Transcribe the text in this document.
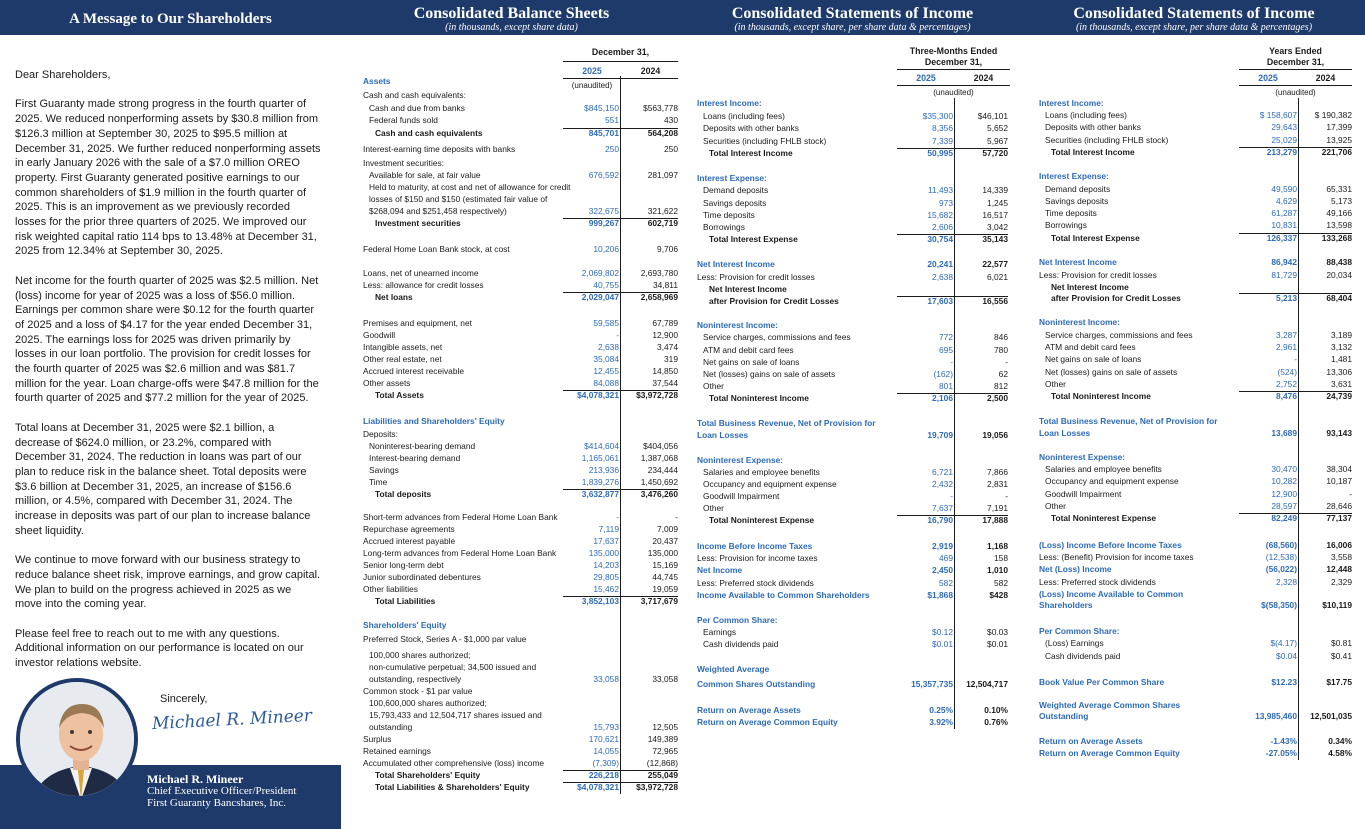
A Message to Our Shareholders	Consolidated Balance Sheets
(in thousands, except share data)
Consolidated Statements of Income
(in thousands, except share, per share data & percentages)
Consolidated Statements of Income
(in thousands, except share, per share data & percentages)

Dear Shareholders,

First Guaranty made strong progress in the fourth quarter of 2025. We reduced nonperforming assets by $30.8 million from $126.3 million at September 30, 2025 to $95.5 million at December 31, 2025. We further reduced nonperforming assets in early January 2026 with the sale of a $7.0 million OREO property. First Guaranty generated positive earnings to our common shareholders of $1.9 million in the fourth quarter of 2025. This is an improvement as we previously recorded losses for the prior three quarters of 2025. We improved our risk weighted capital ratio 114 bps to 13.48% at December 31, 2025 from 12.34% at September 30, 2025.

Net income for the fourth quarter of 2025 was $2.5 million. Net (loss) income for year of 2025 was a loss of $56.0 million. Earnings per common share were $0.12 for the fourth quarter of 2025 and a loss of $4.17 for the year ended December 31, 2025. The earnings loss for 2025 was driven primarily by losses in our loan portfolio. The provision for credit losses for the fourth quarter of 2025 was $2.6 million and was $81.7 million for the year. Loan charge-offs were $47.8 million for the fourth quarter of 2025 and $77.2 million for the year of 2025.

Total loans at December 31, 2025 were $2.1 billion, a decrease of $624.0 million, or 23.2%, compared with December 31, 2024. The reduction in loans was part of our plan to reduce risk in the balance sheet. Total deposits were $3.6 billion at December 31, 2025, an increase of $156.6 million, or 4.5%, compared with December 31, 2024. The increase in deposits was part of our plan to increase balance sheet liquidity.

We continue to move forward with our business strategy to reduce balance sheet risk, improve earnings, and grow capital. We plan to build on the progress achieved in 2025 as we move into the coming year.

Please feel free to reach out to me with any questions. Additional information on our performance is located on our investor relations website.

Sincerely,
Michael R. Mineer
Michael R. Mineer
Chief Executive Officer/President
First Guaranty Bancshares, Inc.
December 31,
2025	2024
(unaudited)
Assets
Cash and cash equivalents:
Cash and due from banks	$845,150	$563,778
Federal funds sold	551	430
Cash and cash equivalents	845,701	564,208
Interest-earning time deposits with banks	250	250
Investment securities:
Available for sale, at fair value	676,592	281,097
Held to maturity, at cost and net of allowance for credit
losses of $150 and $150 (estimated fair value of
$268,094 and $251,458 respectively)	322,675	321,622
Investment securities	999,267	602,719
Federal Home Loan Bank stock, at cost	10,206	9,706
Loans, net of unearned income	2,069,802	2,693,780
Less: allowance for credit losses	40,755	34,811
Net loans	2,029,047	2,658,969
Premises and equipment, net	59,585	67,789
Goodwill	-	12,900
Intangible assets, net	2,638	3,474
Other real estate, net	35,084	319
Accrued interest receivable	12,455	14,850
Other assets	84,088	37,544
Total Assets	$4,078,321	$3,972,728
Liabilities and Shareholders' Equity
Deposits:
Noninterest-bearing demand	$414,604	$404,056
Interest-bearing demand	1,165,061	1,387,068
Savings	213,936	234,444
Time	1,839,276	1,450,692
Total deposits	3,632,877	3,476,260
Short-term advances from Federal Home Loan Bank	-	-
Repurchase agreements	7,119	7,009
Accrued interest payable	17,637	20,437
Long-term advances from Federal Home Loan Bank	135,000	135,000
Senior long-term debt	14,203	15,169
Junior subordinated debentures	29,805	44,745
Other liabilities	15,462	19,059
Total Liabilities	3,852,103	3,717,679
Shareholders' Equity
Preferred Stock, Series A - $1,000 par value
100,000 shares authorized;
non-cumulative perpetual; 34,500 issued and
outstanding, respectively	33,058	33,058
Common stock - $1 par value
100,600,000 shares authorized;
15,793,433 and 12,504,717 shares issued and
outstanding	15,793	12,505
Surplus	170,621	149,389
Retained earnings	14,055	72,965
Accumulated other comprehensive (loss) income	(7,309)	(12,868)
Total Shareholders' Equity	226,218	255,049
Total Liabilities & Shareholders' Equity	$4,078,321	$3,972,728
Three-Months Ended
December 31,
2025	2024
(unaudited)
Interest Income:
Loans (including fees)	$35,300	$46,101
Deposits with other banks	8,356	5,652
Securities (including FHLB stock)	7,339	5,967
Total Interest Income	50,995	57,720
Interest Expense:
Demand deposits	11,493	14,339
Savings deposits	973	1,245
Time deposits	15,682	16,517
Borrowings	2,606	3,042
Total Interest Expense	30,754	35,143
Net Interest Income	20,241	22,577
Less: Provision for credit losses	2,638	6,021
Net Interest Income
after Provision for Credit Losses	17,603	16,556
Noninterest Income:
Service charges, commissions and fees	772	846
ATM and debit card fees	695	780
Net gains on sale of loans	-	-
Net (losses) gains on sale of assets	(162)	62
Other	801	812
Total Noninterest Income	2,106	2,500
Total Business Revenue, Net of Provision for
Loan Losses	19,709	19,056
Noninterest Expense:
Salaries and employee benefits	6,721	7,866
Occupancy and equipment expense	2,432	2,831
Goodwill Impairment	-	-
Other	7,637	7,191
Total Noninterest Expense	16,790	17,888
Income Before Income Taxes	2,919	1,168
Less: Provision for income taxes	469	158
Net Income	2,450	1,010
Less: Preferred stock dividends	582	582
Income Available to Common Shareholders	$1,868	$428
Per Common Share:
Earnings	$0.12	$0.03
Cash dividends paid	$0.01	$0.01
Weighted Average
Common Shares Outstanding	15,357,735	12,504,717
Return on Average Assets	0.25%	0.10%
Return on Average Common Equity	3.92%	0.76%
Years Ended
December 31,
2025	2024
(unaudited)
Interest Income:
Loans (including fees)	$ 158,607	$ 190,382
Deposits with other banks	29,643	17,399
Securities (including FHLB stock)	25,029	13,925
Total Interest Income	213,279	221,706
Interest Expense:
Demand deposits	49,590	65,331
Savings deposits	4,629	5,173
Time deposits	61,287	49,166
Borrowings	10,831	13,598
Total Interest Expense	126,337	133,268
Net Interest Income	86,942	88,438
Less: Provision for credit losses	81,729	20,034
Net Interest Income
after Provision for Credit Losses	5,213	68,404
Noninterest Income:
Service charges, commissions and fees	3,287	3,189
ATM and debit card fees	2,961	3,132
Net gains on sale of loans	-	1,481
Net (losses) gains on sale of assets	(524)	13,306
Other	2,752	3,631
Total Noninterest Income	8,476	24,739
Total Business Revenue, Net of Provision for
Loan Losses	13,689	93,143
Noninterest Expense:
Salaries and employee benefits	30,470	38,304
Occupancy and equipment expense	10,282	10,187
Goodwill Impairment	12,900	-
Other	28,597	28,646
Total Noninterest Expense	82,249	77,137
(Loss) Income Before Income Taxes	(68,560)	16,006
Less: (Benefit) Provision for income taxes	(12,538)	3,558
Net (Loss) Income	(56,022)	12,448
Less: Preferred stock dividends	2,328	2,329
(Loss) Income Available to Common
Shareholders	$(58,350)	$10,119
Per Common Share:
(Loss) Earnings	$(4.17)	$0.81
Cash dividends paid	$0.04	$0.41
Book Value Per Common Share	$12.23	$17.75
Weighted Average Common Shares
Outstanding	13,985,460	12,501,035
Return on Average Assets	-1.43%	0.34%
Return on Average Common Equity	-27.05%	4.58%
